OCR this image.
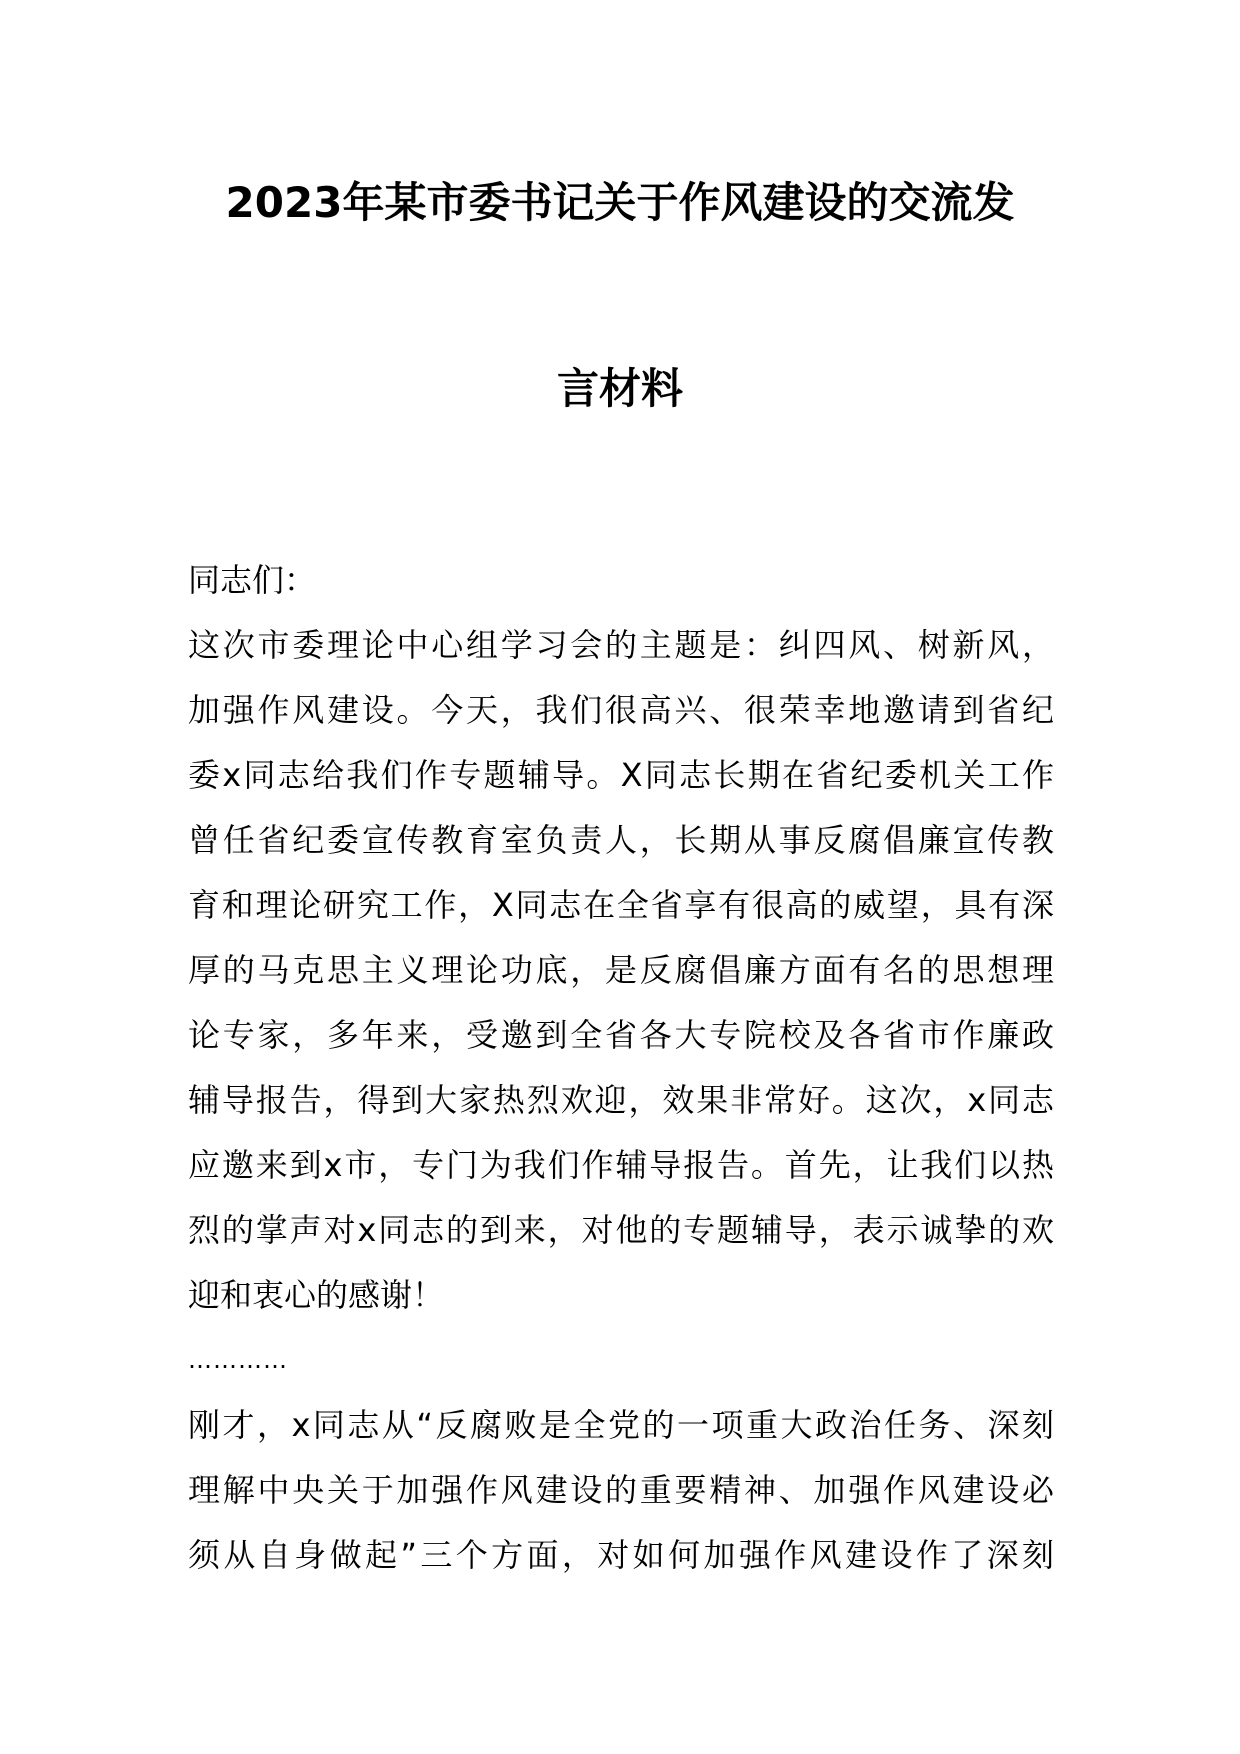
2023年某市委书记关于作风建设的交流发
言材料
同志们：
这次市委理论中心组学习会的主题是：纠四风、树新风，
加强作风建设。今天，我们很高兴、很荣幸地邀请到省纪
委x同志给我们作专题辅导。X同志长期在省纪委机关工作
曾任省纪委宣传教育室负责人，长期从事反腐倡廉宣传教
育和理论研究工作，X同志在全省享有很高的威望，具有深
厚的马克思主义理论功底，是反腐倡廉方面有名的思想理
论专家，多年来，受邀到全省各大专院校及各省市作廉政
辅导报告，得到大家热烈欢迎，效果非常好。这次，x同志
应邀来到x市，专门为我们作辅导报告。首先，让我们以热
烈的掌声对x同志的到来，对他的专题辅导，表示诚挚的欢
迎和衷心的感谢！
…………
刚才，x同志从“反腐败是全党的一项重大政治任务、深刻
理解中央关于加强作风建设的重要精神、加强作风建设必
须从自身做起”三个方面，对如何加强作风建设作了深刻
